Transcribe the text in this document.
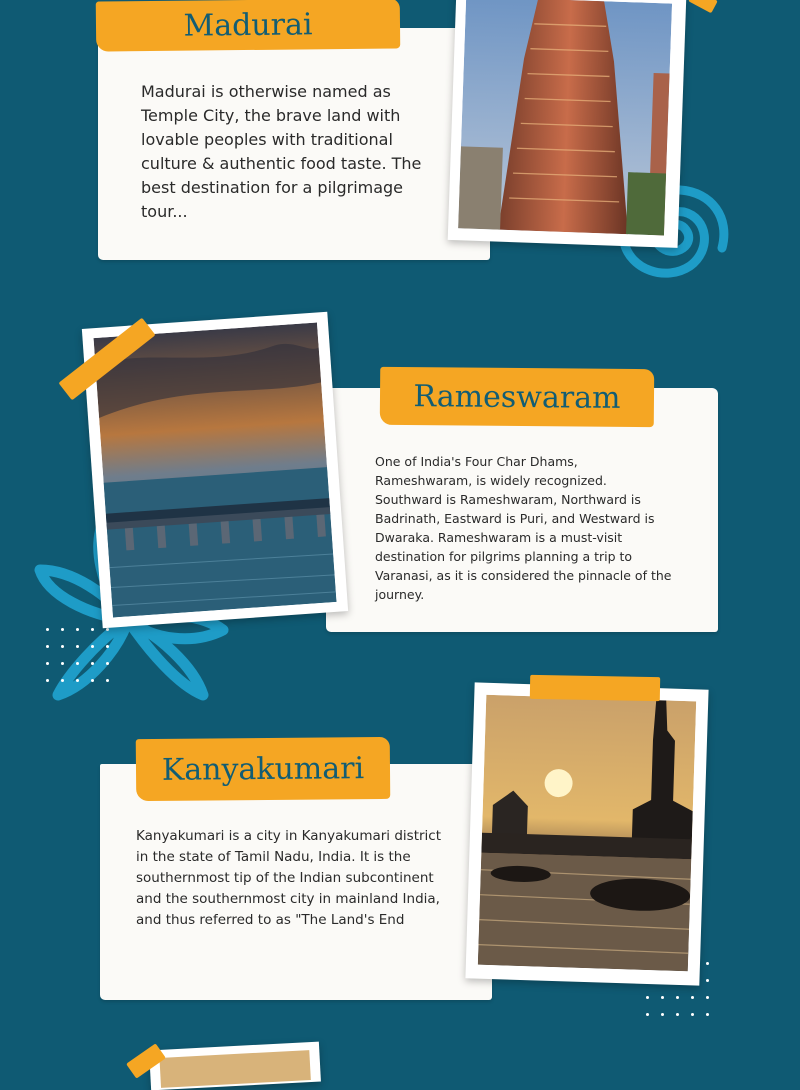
Madurai
Madurai is otherwise named as Temple City, the brave land with lovable peoples with traditional culture & authentic food taste. The best destination for a pilgrimage tour...
Rameswaram
One of India's Four Char Dhams, Rameshwaram, is widely recognized. Southward is Rameshwaram, Northward is Badrinath, Eastward is Puri, and Westward is Dwaraka. Rameshwaram is a must-visit destination for pilgrims planning a trip to Varanasi, as it is considered the pinnacle of the journey.
Kanyakumari
Kanyakumari is a city in Kanyakumari district in the state of Tamil Nadu, India. It is the southernmost tip of the Indian subcontinent and the southernmost city in mainland India, and thus referred to as "The Land's End
